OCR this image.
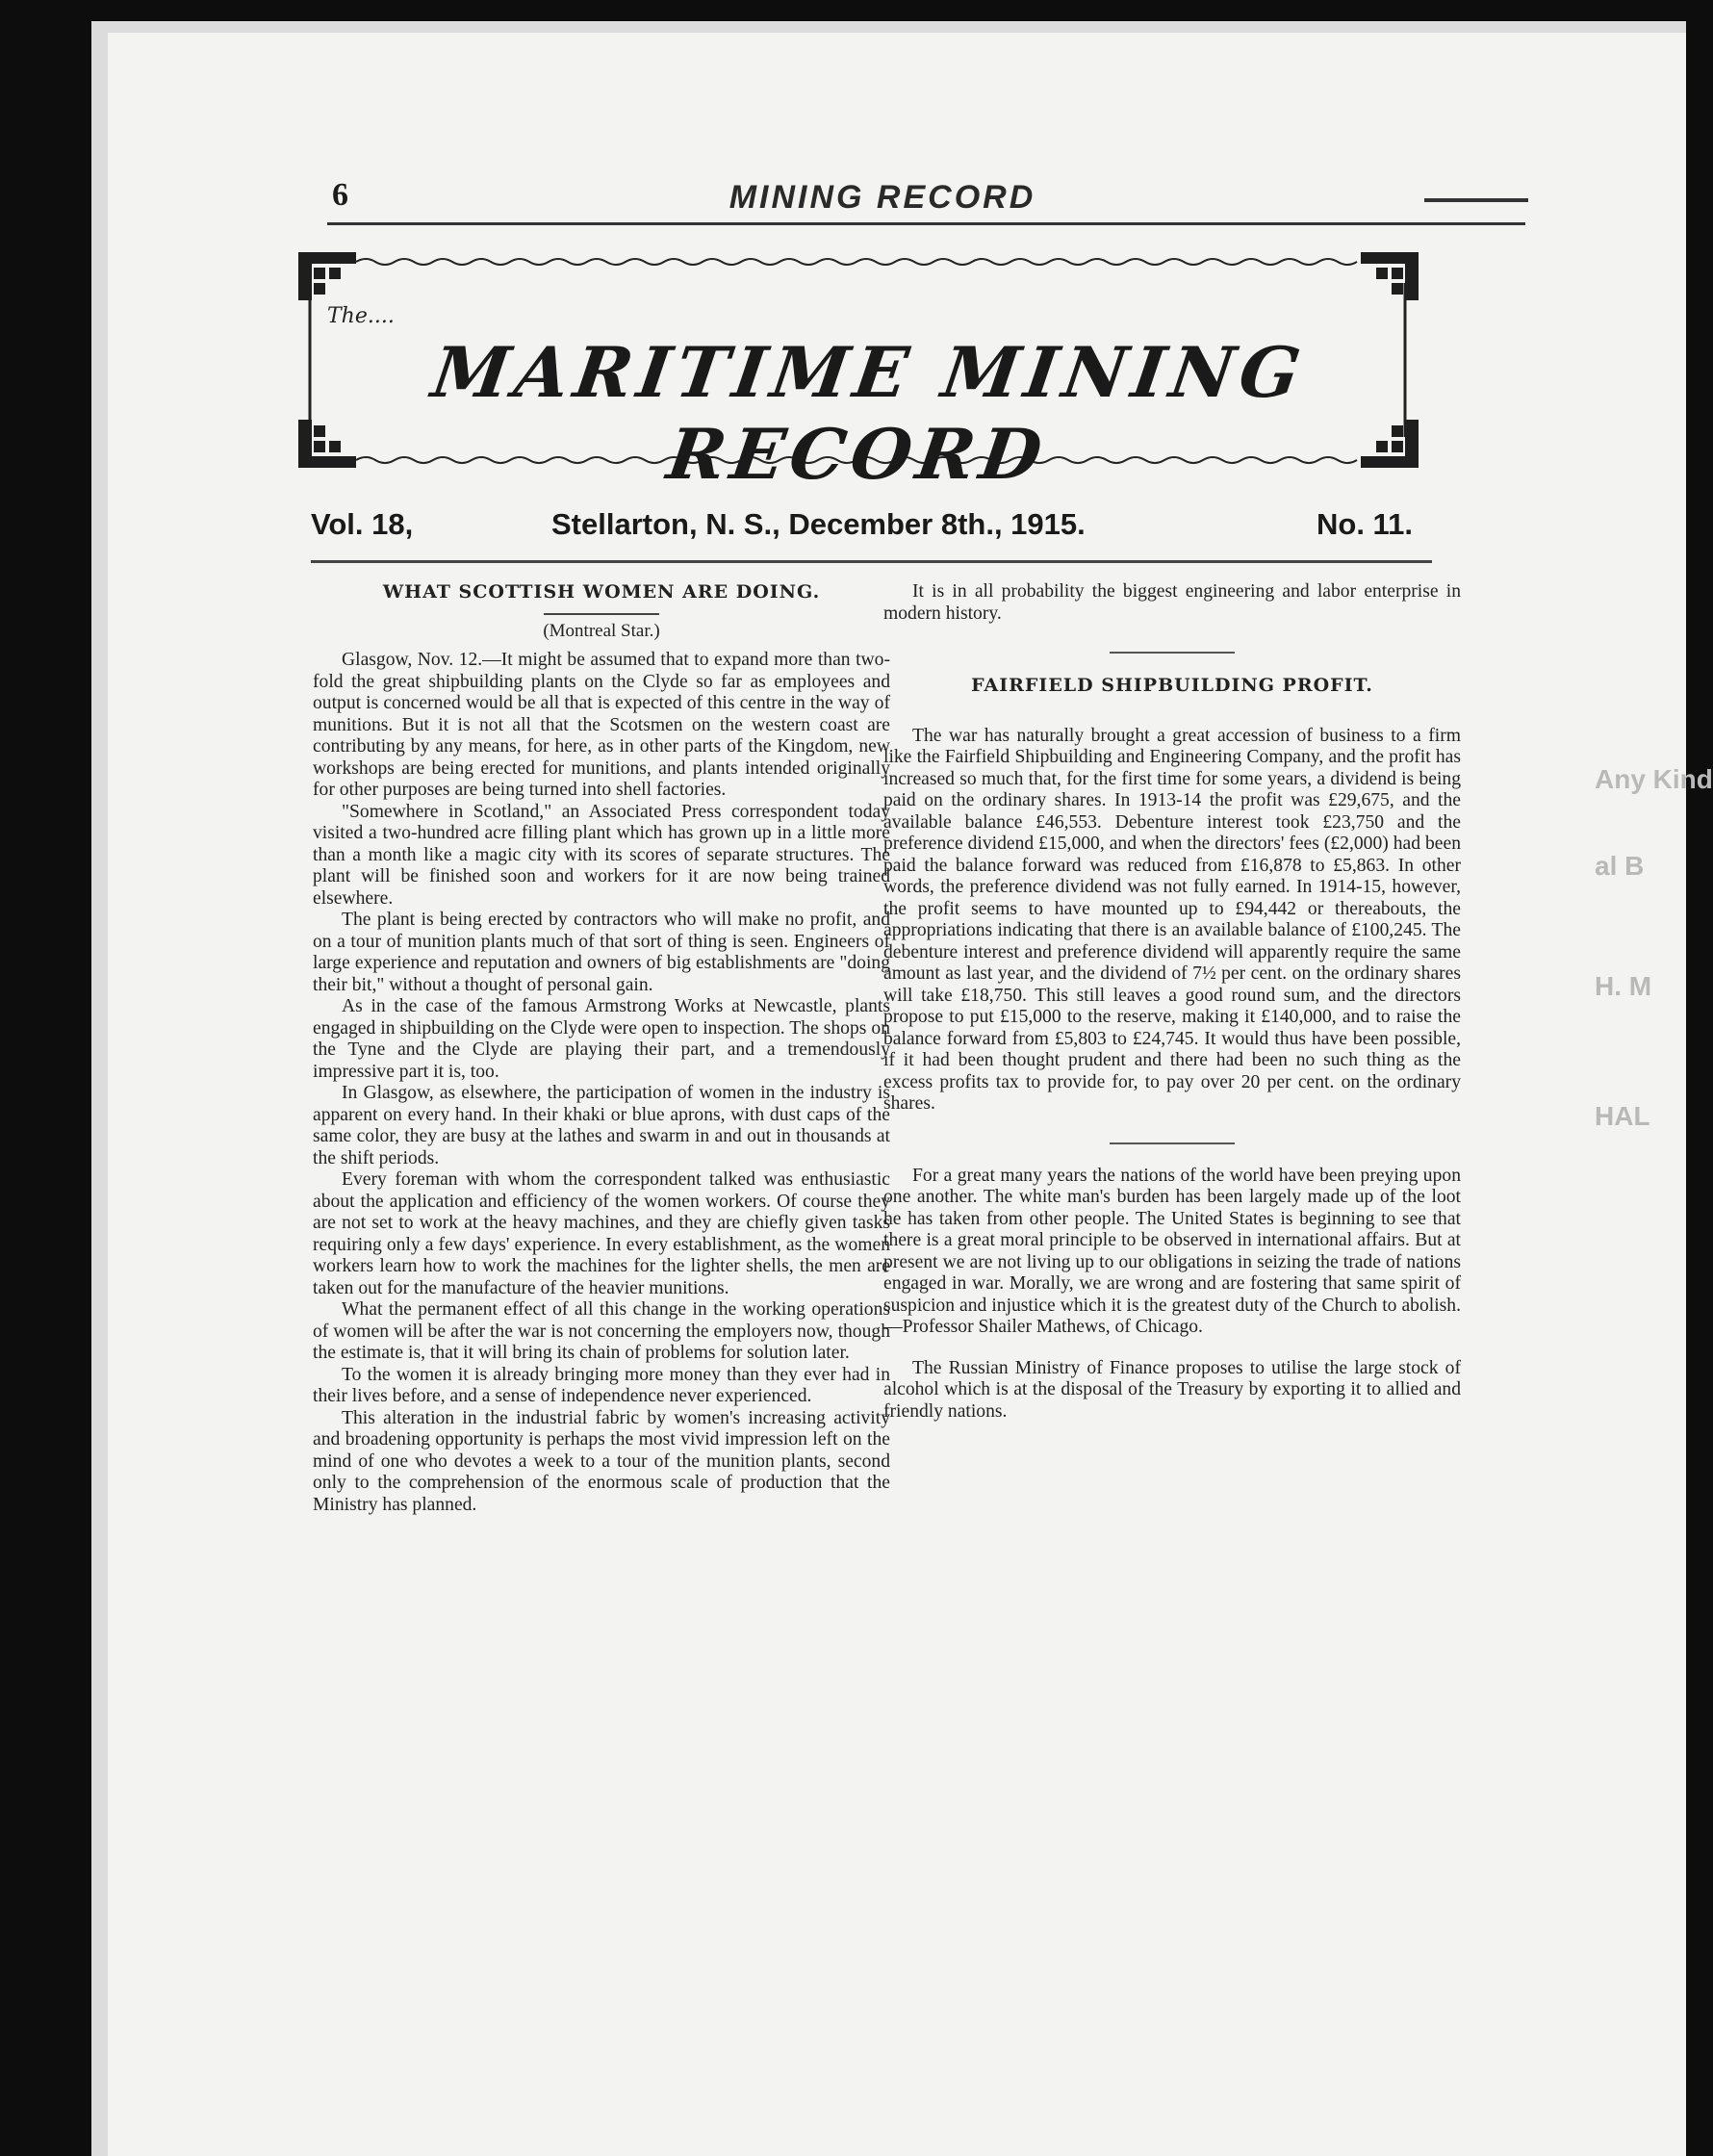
Any Kind
al B
H. M
HAL
6	MINING RECORD
The....
MARITIME MINING RECORD
Vol. 18,	Stellarton, N. S., December 8th., 1915.	No. 11.
WHAT SCOTTISH WOMEN ARE DOING.
(Montreal Star.)

Glasgow, Nov. 12.—It might be assumed that to expand more than two-fold the great shipbuilding plants on the Clyde so far as employees and output is concerned would be all that is expected of this centre in the way of munitions. But it is not all that the Scotsmen on the western coast are contributing by any means, for here, as in other parts of the Kingdom, new workshops are being erected for munitions, and plants intended originally for other purposes are being turned into shell factories.

"Somewhere in Scotland," an Associated Press correspondent today visited a two-hundred acre filling plant which has grown up in a little more than a month like a magic city with its scores of separate structures. The plant will be finished soon and workers for it are now being trained elsewhere.

The plant is being erected by contractors who will make no profit, and on a tour of munition plants much of that sort of thing is seen. Engineers of large experience and reputation and owners of big establishments are "doing their bit," without a thought of personal gain.

As in the case of the famous Armstrong Works at Newcastle, plants engaged in shipbuilding on the Clyde were open to inspection. The shops on the Tyne and the Clyde are playing their part, and a tremendously impressive part it is, too.

In Glasgow, as elsewhere, the participation of women in the industry is apparent on every hand. In their khaki or blue aprons, with dust caps of the same color, they are busy at the lathes and swarm in and out in thousands at the shift periods.

Every foreman with whom the correspondent talked was enthusiastic about the application and efficiency of the women workers. Of course they are not set to work at the heavy machines, and they are chiefly given tasks requiring only a few days' experience. In every establishment, as the women workers learn how to work the machines for the lighter shells, the men are taken out for the manufacture of the heavier munitions.

What the permanent effect of all this change in the working operations of women will be after the war is not concerning the employers now, though the estimate is, that it will bring its chain of problems for solution later.

To the women it is already bringing more money than they ever had in their lives before, and a sense of independence never experienced.

This alteration in the industrial fabric by women's increasing activity and broadening opportunity is perhaps the most vivid impression left on the mind of one who devotes a week to a tour of the munition plants, second only to the comprehension of the enormous scale of production that the Ministry has planned.

It is in all probability the biggest engineering and labor enterprise in modern history.

FAIRFIELD SHIPBUILDING PROFIT.

The war has naturally brought a great accession of business to a firm like the Fairfield Shipbuilding and Engineering Company, and the profit has increased so much that, for the first time for some years, a dividend is being paid on the ordinary shares. In 1913-14 the profit was £29,675, and the available balance £46,553. Debenture interest took £23,750 and the preference dividend £15,000, and when the directors' fees (£2,000) had been paid the balance forward was reduced from £16,878 to £5,863. In other words, the preference dividend was not fully earned. In 1914-15, however, the profit seems to have mounted up to £94,442 or thereabouts, the appropriations indicating that there is an available balance of £100,245. The debenture interest and preference dividend will apparently require the same amount as last year, and the dividend of 7½ per cent. on the ordinary shares will take £18,750. This still leaves a good round sum, and the directors propose to put £15,000 to the reserve, making it £140,000, and to raise the balance forward from £5,803 to £24,745. It would thus have been possible, if it had been thought prudent and there had been no such thing as the excess profits tax to provide for, to pay over 20 per cent. on the ordinary shares.

For a great many years the nations of the world have been preying upon one another. The white man's burden has been largely made up of the loot he has taken from other people. The United States is beginning to see that there is a great moral principle to be observed in international affairs. But at present we are not living up to our obligations in seizing the trade of nations engaged in war. Morally, we are wrong and are fostering that same spirit of suspicion and injustice which it is the greatest duty of the Church to abolish.—Professor Shailer Mathews, of Chicago.

The Russian Ministry of Finance proposes to utilise the large stock of alcohol which is at the disposal of the Treasury by exporting it to allied and friendly nations.
